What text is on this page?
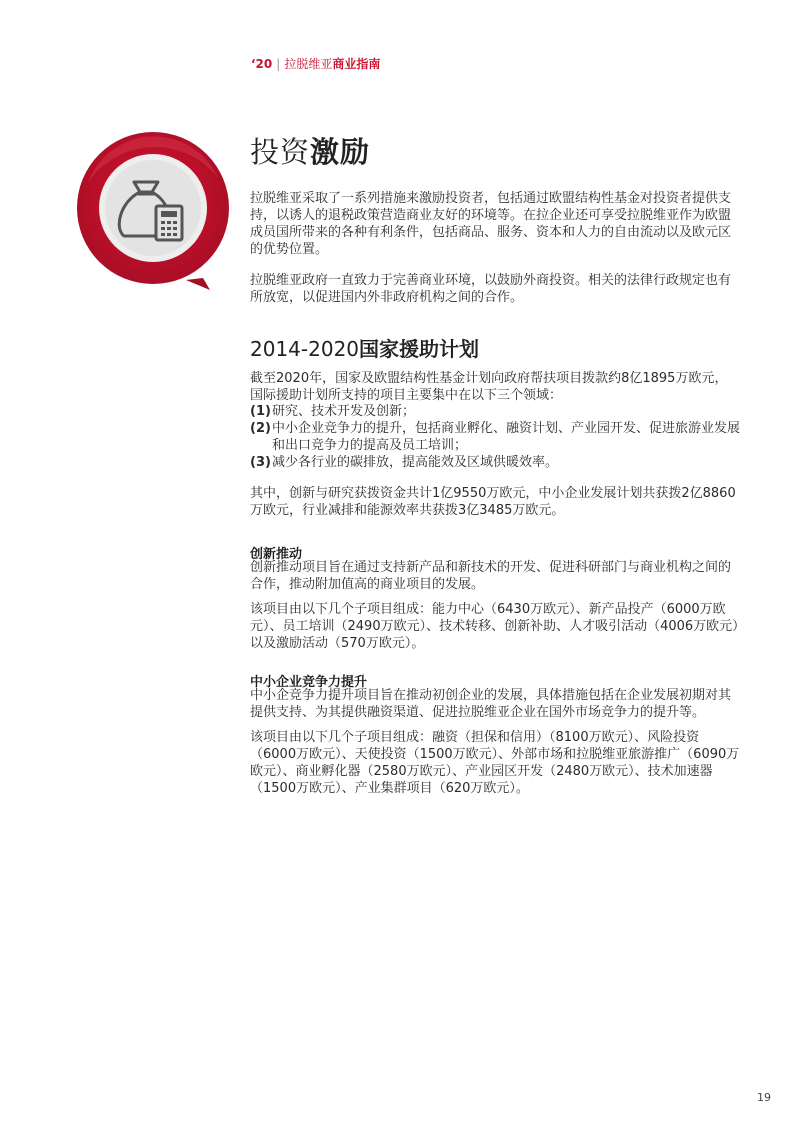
‘20 | 拉脱维亚商业指南
投资激励

拉脱维亚采取了一系列措施来激励投资者，包括通过欧盟结构性基金对投资者提供支持，以诱人的退税政策营造商业友好的环境等。在拉企业还可享受拉脱维亚作为欧盟成员国所带来的各种有利条件，包括商品、服务、资本和人力的自由流动以及欧元区的优势位置。

拉脱维亚政府一直致力于完善商业环境，以鼓励外商投资。相关的法律行政规定也有所放宽，以促进国内外非政府机构之间的合作。

2014-2020国家援助计划

截至2020年，国家及欧盟结构性基金计划向政府帮扶项目拨款约8亿1895万欧元，国际援助计划所支持的项目主要集中在以下三个领域：

(1) 研究、技术开发及创新；
(2) 中小企业竞争力的提升，包括商业孵化、融资计划、产业园开发、促进旅游业发展和出口竞争力的提高及员工培训；
(3) 减少各行业的碳排放，提高能效及区域供暖效率。

其中，创新与研究获拨资金共计1亿9550万欧元，中小企业发展计划共获拨2亿8860万欧元，行业减排和能源效率共获拨3亿3485万欧元。

创新推动

创新推动项目旨在通过支持新产品和新技术的开发、促进科研部门与商业机构之间的合作，推动附加值高的商业项目的发展。

该项目由以下几个子项目组成：能力中心（6430万欧元）、新产品投产（6000万欧元）、员工培训（2490万欧元）、技术转移、创新补助、人才吸引活动（4006万欧元）以及激励活动（570万欧元）。

中小企业竞争力提升

中小企竞争力提升项目旨在推动初创企业的发展，具体措施包括在企业发展初期对其提供支持、为其提供融资渠道、促进拉脱维亚企业在国外市场竞争力的提升等。

该项目由以下几个子项目组成：融资（担保和信用）（8100万欧元）、风险投资（6000万欧元）、天使投资（1500万欧元）、外部市场和拉脱维亚旅游推广（6090万欧元）、商业孵化器（2580万欧元）、产业园区开发（2480万欧元）、技术加速器（1500万欧元）、产业集群项目（620万欧元）。

19
